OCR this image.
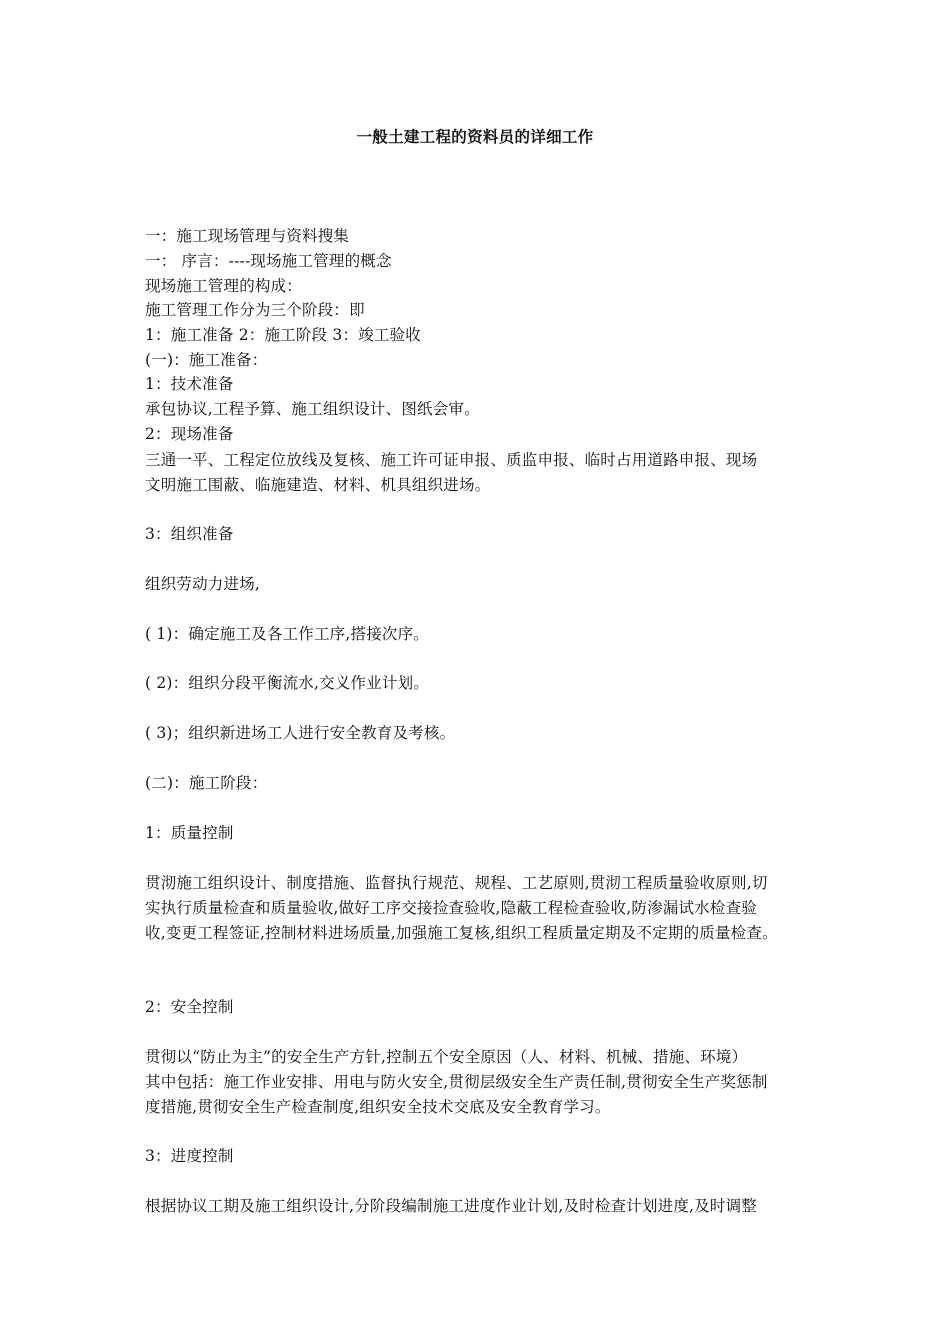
一般土建工程的资料员的详细工作
一：施工现场管理与资料搜集
一： 序言：----现场施工管理的概念
现场施工管理的构成：
施工管理工作分为三个阶段：即
1：施工准备 2：施工阶段 3：竣工验收
(一)：施工准备：
1：技术准备
承包协议,工程予算、施工组织设计、图纸会审。
2：现场准备
三通一平、工程定位放线及复核、施工许可证申报、质监申报、临时占用道路申报、现场
文明施工围蔽、临施建造、材料、机具组织进场。
3：组织准备
组织劳动力进场,
( 1)：确定施工及各工作工序,搭接次序。
( 2)：组织分段平衡流水,交义作业计划。
( 3)；组织新进场工人进行安全教育及考核。
(二)：施工阶段：
1：质量控制
贯沏施工组织设计、制度措施、监督执行规范、规程、工艺原则,贯沏工程质量验收原则,切
实执行质量检查和质量验收,做好工序交接捡查验收,隐蔽工程检查验收,防渗漏试水检查验
收,变更工程签证,控制材料进场质量,加强施工复核,组织工程质量定期及不定期的质量检查。
2：安全控制
贯彻以“防止为主”的安全生产方针,控制五个安全原因（人、材料、机械、措施、环境）
其中包括：施工作业安排、用电与防火安全,贯彻层级安全生产责任制,贯彻安全生产奖惩制
度措施,贯彻安全生产检查制度,组织安全技术交底及安全教育学习。
3：进度控制
根据协议工期及施工组织设计,分阶段编制施工进度作业计划,及时检查计划进度,及时调整
